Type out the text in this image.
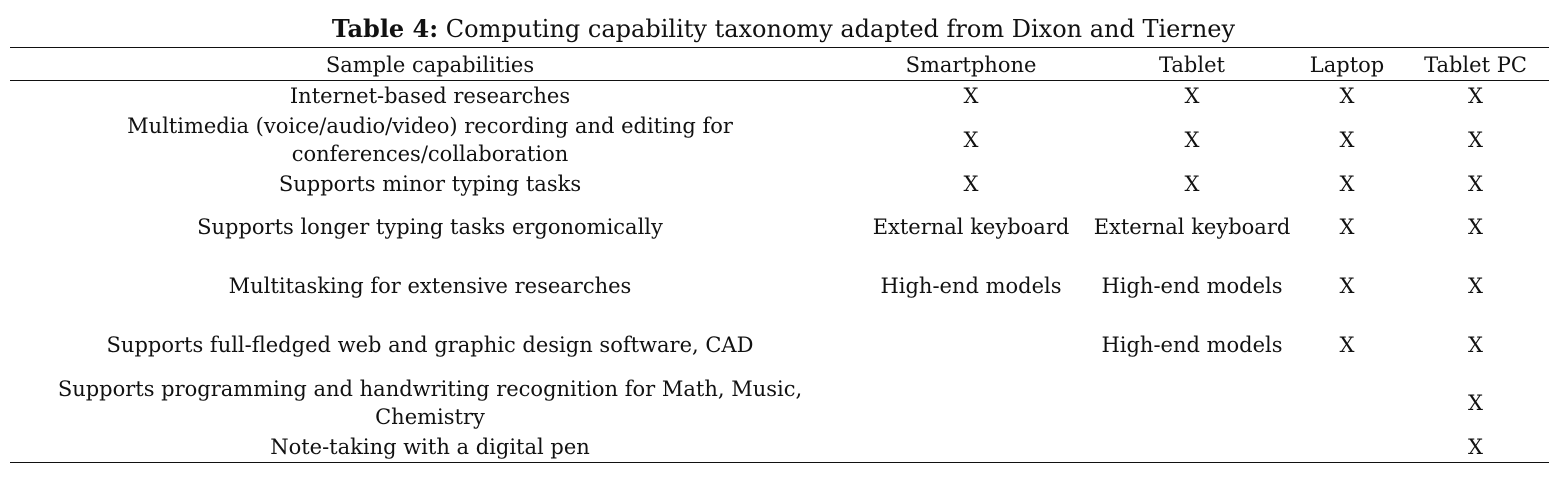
Table 4: Computing capability taxonomy adapted from Dixon and Tierney
Sample capabilities	Smartphone	Tablet	Laptop	Tablet PC
Internet-based researches	X	X	X	X
Multimedia (voice/audio/video) recording and editing for conferences/collaboration	X	X	X	X
Supports minor typing tasks	X	X	X	X
Supports longer typing tasks ergonomically	External keyboard	External keyboard	X	X
Multitasking for extensive researches	High-end models	High-end models	X	X
Supports full-fledged web and graphic design software, CAD		High-end models	X	X
Supports programming and handwriting recognition for Math, Music, Chemistry				X
Note-taking with a digital pen				X
